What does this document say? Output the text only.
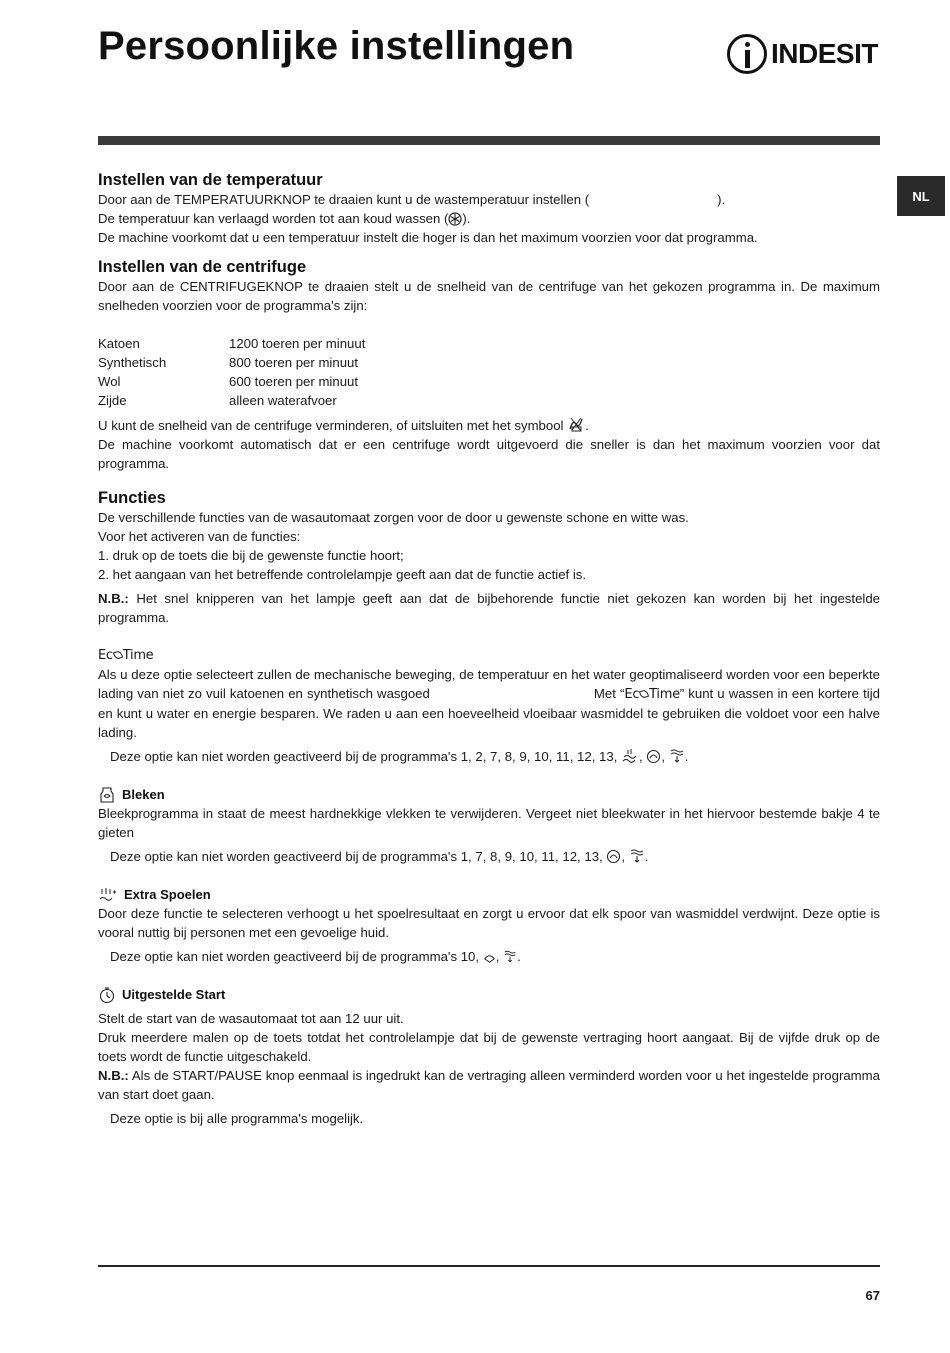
Persoonlijke instellingen	INDESIT
NL
Instellen van de temperatuur

Door aan de TEMPERATUURKNOP te draaien kunt u de wastemperatuur instellen (	).
De temperatuur kan verlaagd worden tot aan koud wassen ( ).
De machine voorkomt dat u een temperatuur instelt die hoger is dan het maximum voorzien voor dat programma.

Instellen van de centrifuge

Door aan de CENTRIFUGEKNOP te draaien stelt u de snelheid van de centrifuge van het gekozen programma in. De maximum snelheden voorzien voor de programma's zijn:

Katoen	1200 toeren per minuut
Synthetisch	800 toeren per minuut
Wol	600 toeren per minuut
Zijde	alleen waterafvoer

U kunt de snelheid van de centrifuge verminderen, of uitsluiten met het symbool .
De machine voorkomt automatisch dat er een centrifuge wordt uitgevoerd die sneller is dan het maximum voorzien voor dat programma.

Functies

De verschillende functies van de wasautomaat zorgen voor de door u gewenste schone en witte was.
Voor het activeren van de functies:
1. druk op de toets die bij de gewenste functie hoort;
2. het aangaan van het betreffende controlelampje geeft aan dat de functie actief is.

N.B.: Het snel knipperen van het lampje geeft aan dat de bijbehorende functie niet gekozen kan worden bij het ingestelde programma.

Ec Time

Als u deze optie selecteert zullen de mechanische beweging, de temperatuur en het water geoptimaliseerd worden voor een beperkte lading van niet zo vuil katoenen en synthetisch wasgoed	Met “Ec Time” kunt u wassen in een kortere tijd en kunt u water en energie besparen. We raden u aan een hoeveelheid vloeibaar wasmiddel te gebruiken die voldoet voor een halve lading.

Deze optie kan niet worden geactiveerd bij de programma's 1, 2, 7, 8, 9, 10, 11, 12, 13, , , .

Bleken

Bleekprogramma in staat de meest hardnekkige vlekken te verwijderen. Vergeet niet bleekwater in het hiervoor bestemde bakje 4 te gieten

Deze optie kan niet worden geactiveerd bij de programma's 1, 7, 8, 9, 10, 11, 12, 13, , .

Extra Spoelen

Door deze functie te selecteren verhoogt u het spoelresultaat en zorgt u ervoor dat elk spoor van wasmiddel verdwijnt. Deze optie is vooral nuttig bij personen met een gevoelige huid.

Deze optie kan niet worden geactiveerd bij de programma's 10, , .

Uitgestelde Start

Stelt de start van de wasautomaat tot aan 12 uur uit.
Druk meerdere malen op de toets totdat het controlelampje dat bij de gewenste vertraging hoort aangaat. Bij de vijfde druk op de toets wordt de functie uitgeschakeld.
N.B.: Als de START/PAUSE knop eenmaal is ingedrukt kan de vertraging alleen verminderd worden voor u het ingestelde programma van start doet gaan.

Deze optie is bij alle programma's mogelijk.

67
